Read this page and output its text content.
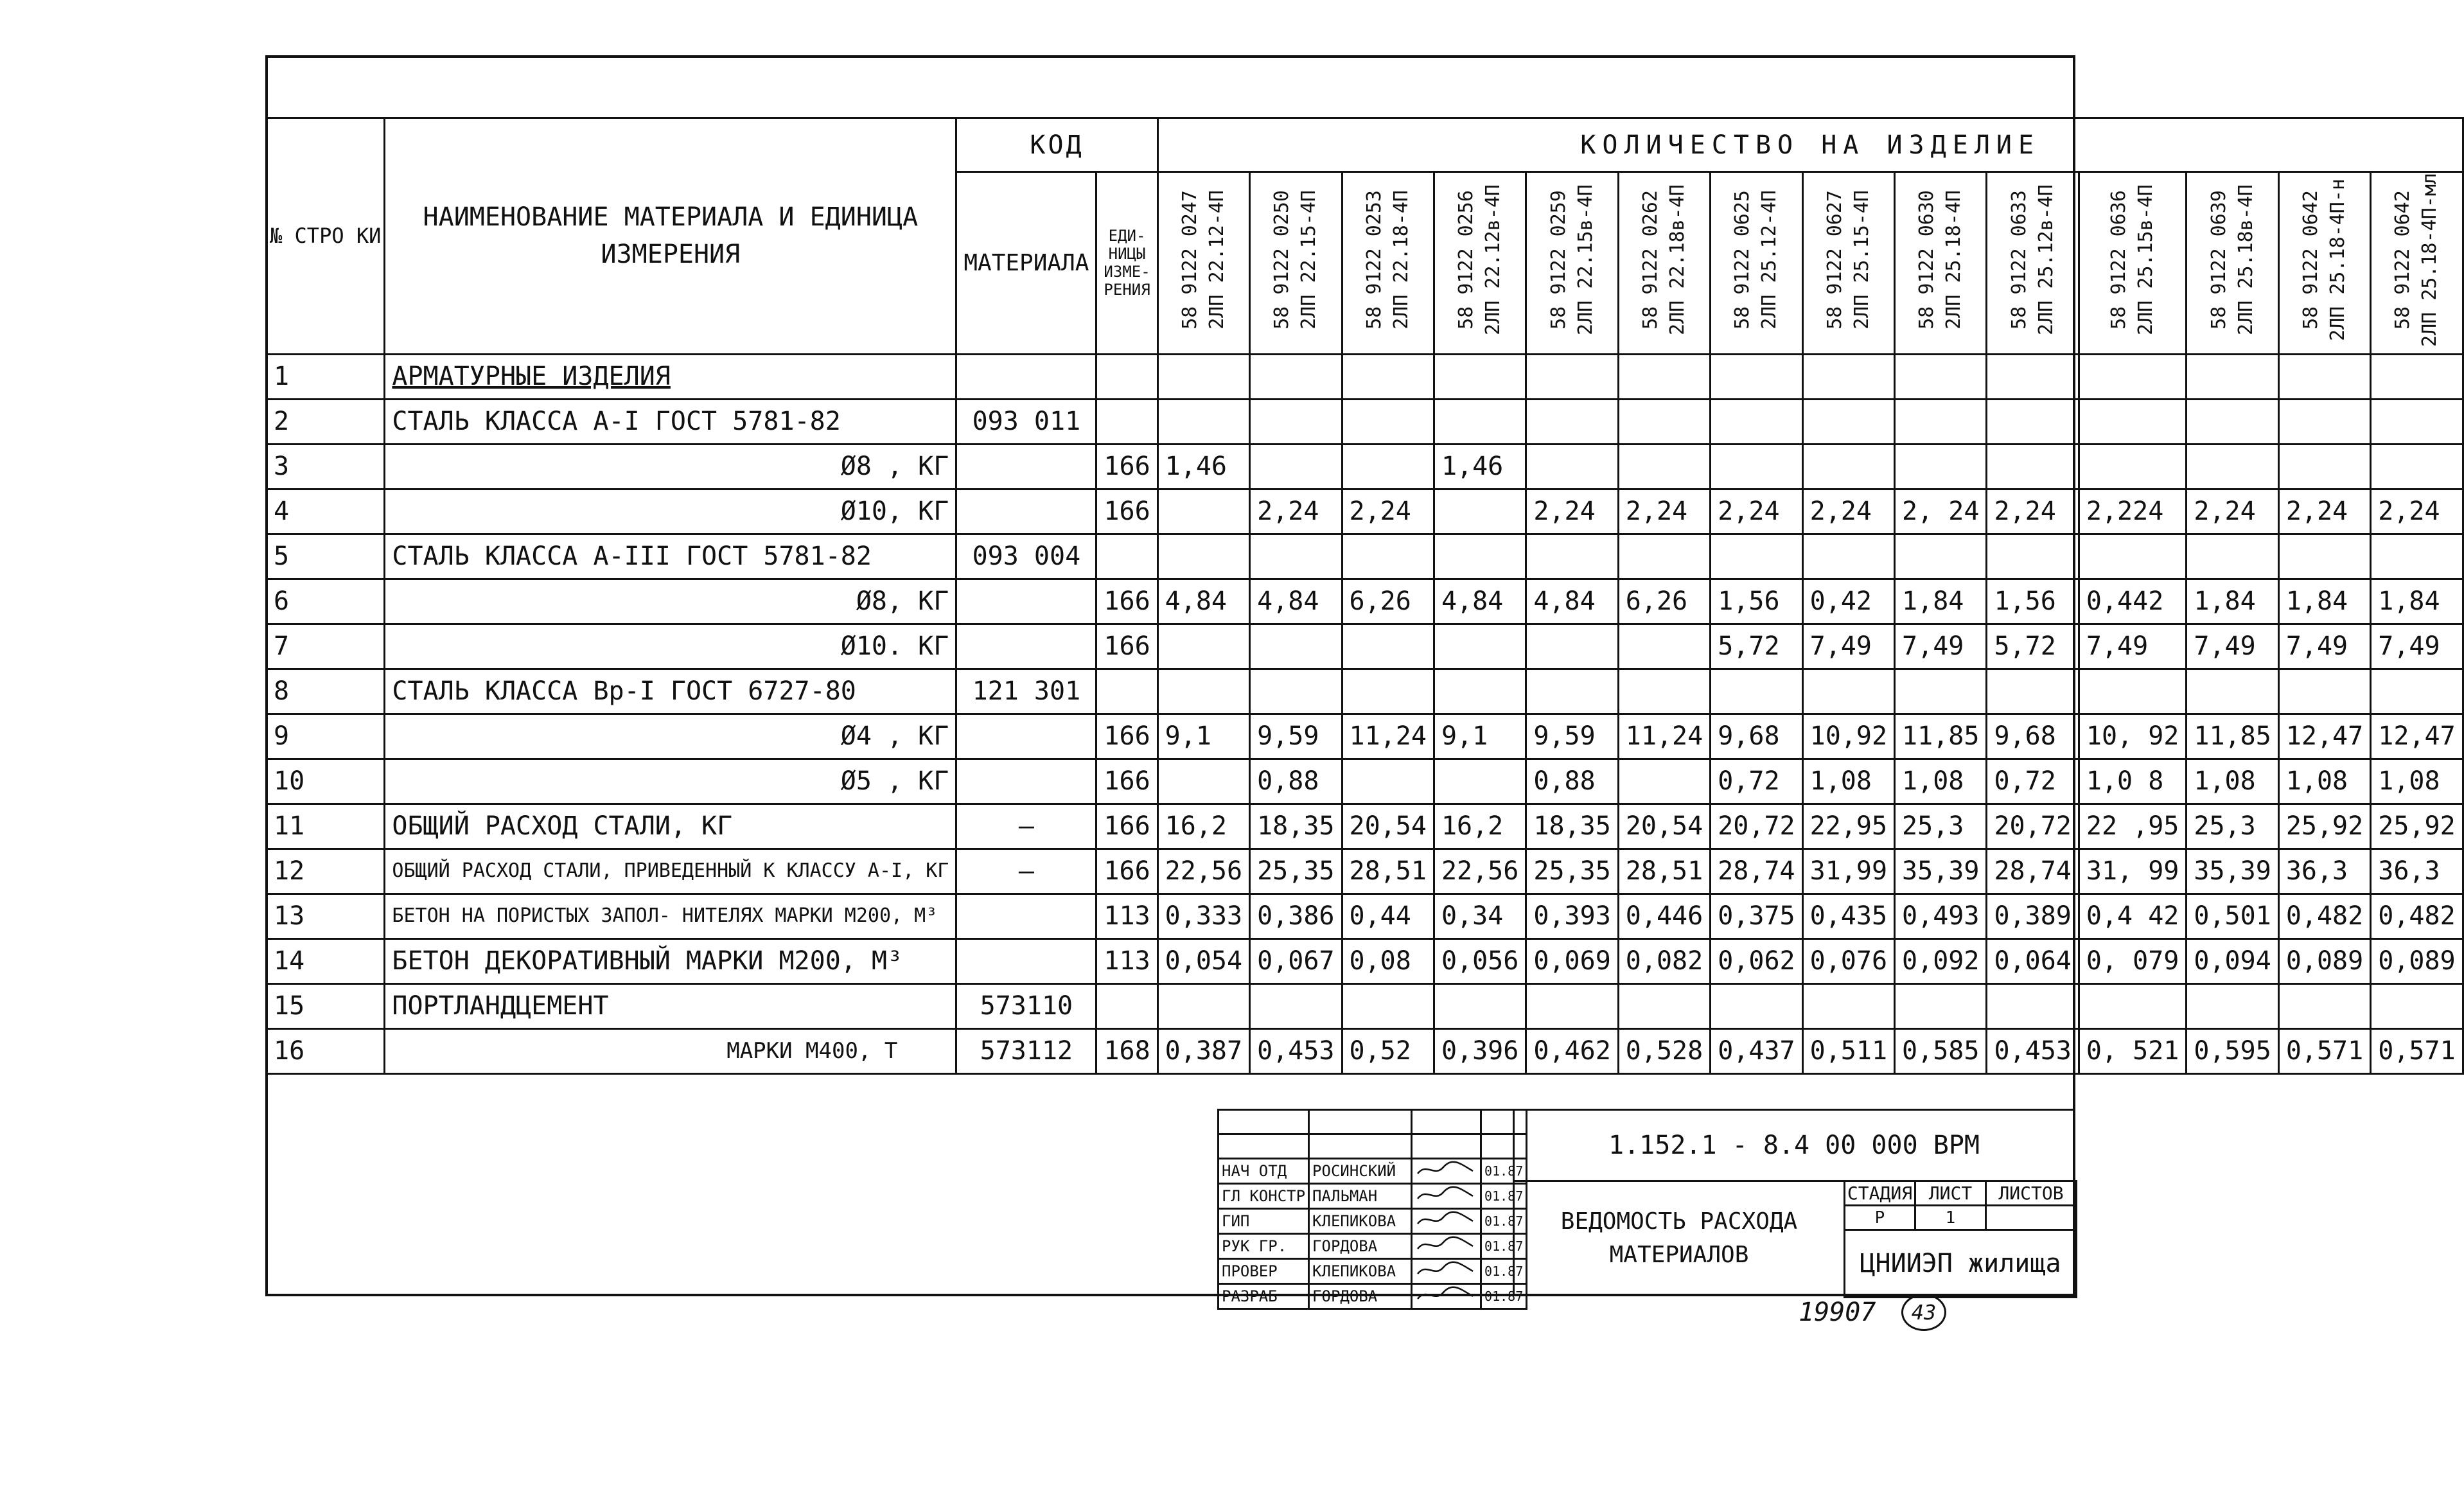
№ СТРО КИ	НАИМЕНОВАНИЕ МАТЕРИАЛА И ЕДИНИЦА ИЗМЕРЕНИЯ	КОД		КОЛИЧЕСТВО НА ИЗДЕЛИЕ													
		МАТЕРИАЛА	ЕДИ- НИЦЫ ИЗМЕ- РЕНИЯ	58 9122 0247 2ЛП 22.12-4П	58 9122 0250 2ЛП 22.15-4П	58 9122 0253 2ЛП 22.18-4П	58 9122 0256 2ЛП 22.12в-4П	58 9122 0259 2ЛП 22.15в-4П	58 9122 0262 2ЛП 22.18в-4П	58 9122 0625 2ЛП 25.12-4П	58 9122 0627 2ЛП 25.15-4П	58 9122 0630 2ЛП 25.18-4П	58 9122 0633 2ЛП 25.12в-4П	58 9122 0636 2ЛП 25.15в-4П	58 9122 0639 2ЛП 25.18в-4П	58 9122 0642 2ЛП 25.18-4П-н	58 9122 0642 2ЛП 25.18-4П-мл
1	АРМАТУРНЫЕ ИЗДЕЛИЯ																
2	СТАЛЬ КЛАССА А-I ГОСТ 5781-82	093 011															
3	Ø8 , КГ		166	1,46			1,46										
4	Ø10, КГ		166		2,24	2,24		2,24	2,24	2,24	2,24	2, 24	2,24	2,224	2,24	2,24	2,24
5	СТАЛЬ КЛАССА А-III ГОСТ 5781-82	093 004															
6	Ø8, КГ		166	4,84	4,84	6,26	4,84	4,84	6,26	1,56	0,42	1,84	1,56	0,442	1,84	1,84	1,84
7	Ø10. КГ		166							5,72	7,49	7,49	5,72	7,49	7,49	7,49	7,49
8	СТАЛЬ КЛАССА Вр-I ГОСТ 6727-80	121 301															
9	Ø4 , КГ		166	9,1	9,59	11,24	9,1	9,59	11,24	9,68	10,92	11,85	9,68	10, 92	11,85	12,47	12,47
10	Ø5 , КГ		166		0,88			0,88		0,72	1,08	1,08	0,72	1,0 8	1,08	1,08	1,08
11	ОБЩИЙ РАСХОД СТАЛИ, КГ	—	166	16,2	18,35	20,54	16,2	18,35	20,54	20,72	22,95	25,3	20,72	22 ,95	25,3	25,92	25,92
12	ОБЩИЙ РАСХОД СТАЛИ, ПРИВЕДЕННЫЙ К КЛАССУ А-I, КГ	—	166	22,56	25,35	28,51	22,56	25,35	28,51	28,74	31,99	35,39	28,74	31, 99	35,39	36,3	36,3
13	БЕТОН НА ПОРИСТЫХ ЗАПОЛ- НИТЕЛЯХ МАРКИ М200, М³		113	0,333	0,386	0,44	0,34	0,393	0,446	0,375	0,435	0,493	0,389	0,4 42	0,501	0,482	0,482
14	БЕТОН ДЕКОРАТИВНЫЙ МАРКИ М200, М³		113	0,054	0,067	0,08	0,056	0,069	0,082	0,062	0,076	0,092	0,064	0, 079	0,094	0,089	0,089
15	ПОРТЛАНДЦЕМЕНТ	573110															
16	МАРКИ М400, Т	573112	168	0,387	0,453	0,52	0,396	0,462	0,528	0,437	0,511	0,585	0,453	0, 521	0,595	0,571	0,571

НАЧ ОТД	РОСИНСКИЙ		01.87
ГЛ КОНСТР	ПАЛЬМАН		01.87
ГИП	КЛЕПИКОВА		01.87
РУК ГР.	ГОРДОВА		01.87
ПРОВЕР	КЛЕПИКОВА		01.87
РАЗРАБ	ГОРДОВА		01.87
1.152.1 - 8.4 00 000 ВРМ
ВЕДОМОСТЬ РАСХОДА МАТЕРИАЛОВ
СТАДИЯ	ЛИСТ	ЛИСТОВ
Р	1	
ЦНИИЭП жилища		
19907	43
